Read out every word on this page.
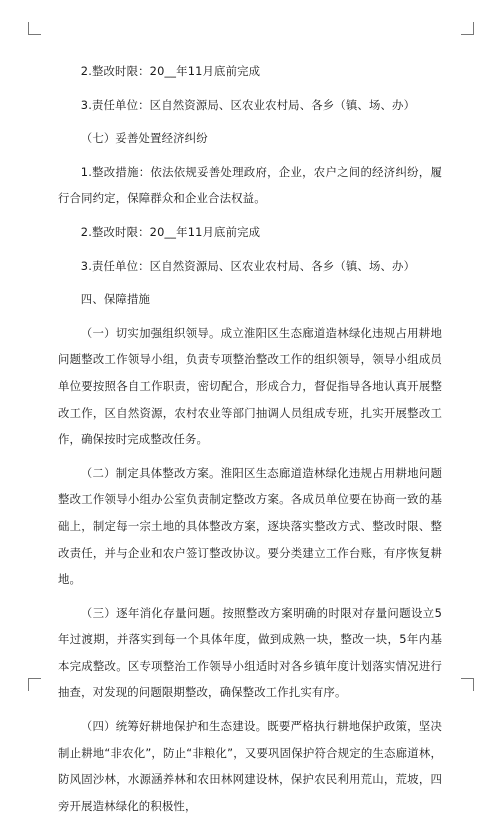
2.整改时限：20__年11月底前完成

3.责任单位：区自然资源局、区农业农村局、各乡（镇、场、办）

（七）妥善处置经济纠纷

1.整改措施：依法依规妥善处理政府，企业，农户之间的经济纠纷，履行合同约定，保障群众和企业合法权益。

2.整改时限：20__年11月底前完成

3.责任单位：区自然资源局、区农业农村局、各乡（镇、场、办）

四、保障措施

（一）切实加强组织领导。成立淮阳区生态廊道造林绿化违规占用耕地问题整改工作领导小组，负责专项整治整改工作的组织领导，领导小组成员单位要按照各自工作职责，密切配合，形成合力，督促指导各地认真开展整改工作，区自然资源，农村农业等部门抽调人员组成专班，扎实开展整改工作，确保按时完成整改任务。

（二）制定具体整改方案。淮阳区生态廊道造林绿化违规占用耕地问题整改工作领导小组办公室负责制定整改方案。各成员单位要在协商一致的基础上，制定每一宗土地的具体整改方案，逐块落实整改方式、整改时限、整改责任，并与企业和农户签订整改协议。要分类建立工作台账，有序恢复耕地。

（三）逐年消化存量问题。按照整改方案明确的时限对存量问题设立5年过渡期，并落实到每一个具体年度，做到成熟一块，整改一块，5年内基本完成整改。区专项整治工作领导小组适时对各乡镇年度计划落实情况进行抽查，对发现的问题限期整改，确保整改工作扎实有序。

（四）统筹好耕地保护和生态建设。既要严格执行耕地保护政策，坚决制止耕地“非农化”，防止“非粮化”，又要巩固保护符合规定的生态廊道林，防风固沙林，水源涵养林和农田林网建设林，保护农民利用荒山，荒坡，四旁开展造林绿化的积极性，
